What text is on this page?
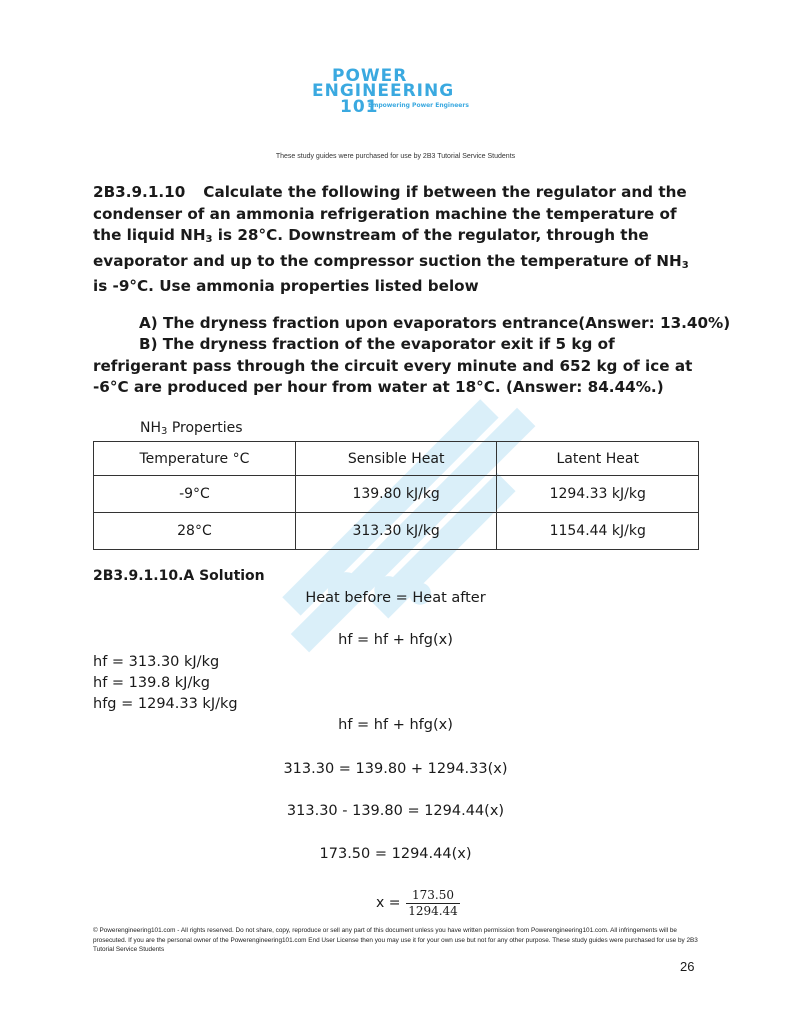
POWER
ENGINEERING
101
Empowering Power Engineers
These study guides were purchased for use by 2B3 Tutorial Service Students
2B3.9.1.10 Calculate the following if between the regulator and the condenser of an ammonia refrigeration machine the temperature of the liquid $NH_3$ is 28°C. Downstream of the regulator, through the evaporator and up to the compressor suction the temperature of $NH_3$ is -9°C. Use ammonia properties listed below
A) The dryness fraction upon evaporators entrance(Answer: 13.40%)
B) The dryness fraction of the evaporator exit if 5 kg of refrigerant pass through the circuit every minute and 652 kg of ice at -6°C are produced per hour from water at 18°C. (Answer: 84.44%.)
$NH_3$ Properties
Temperature °C	Sensible Heat	Latent Heat
-9°C	139.80 kJ/kg	1294.33 kJ/kg
28°C	313.30 kJ/kg	1154.44 kJ/kg
2B3.9.1.10.A Solution
Heat before = Heat after
hf = hf + hfg(x)
hf = 313.30 kJ/kg
hf = 139.8 kJ/kg
hfg = 1294.33 kJ/kg
hf = hf + hfg(x)
313.30 = 139.80 + 1294.33(x)
313.30 - 139.80 = 1294.44(x)
173.50 = 1294.44(x)
x = 173.50
1294.44
© Powerengineering101.com - All rights reserved. Do not share, copy, reproduce or sell any part of this document unless you have written permission from Powerengineering101.com. All infringements will be prosecuted. If you are the personal owner of the Powerengineering101.com End User License then you may use it for your own use but not for any other purpose. These study guides were purchased for use by 2B3 Tutorial Service Students
26
